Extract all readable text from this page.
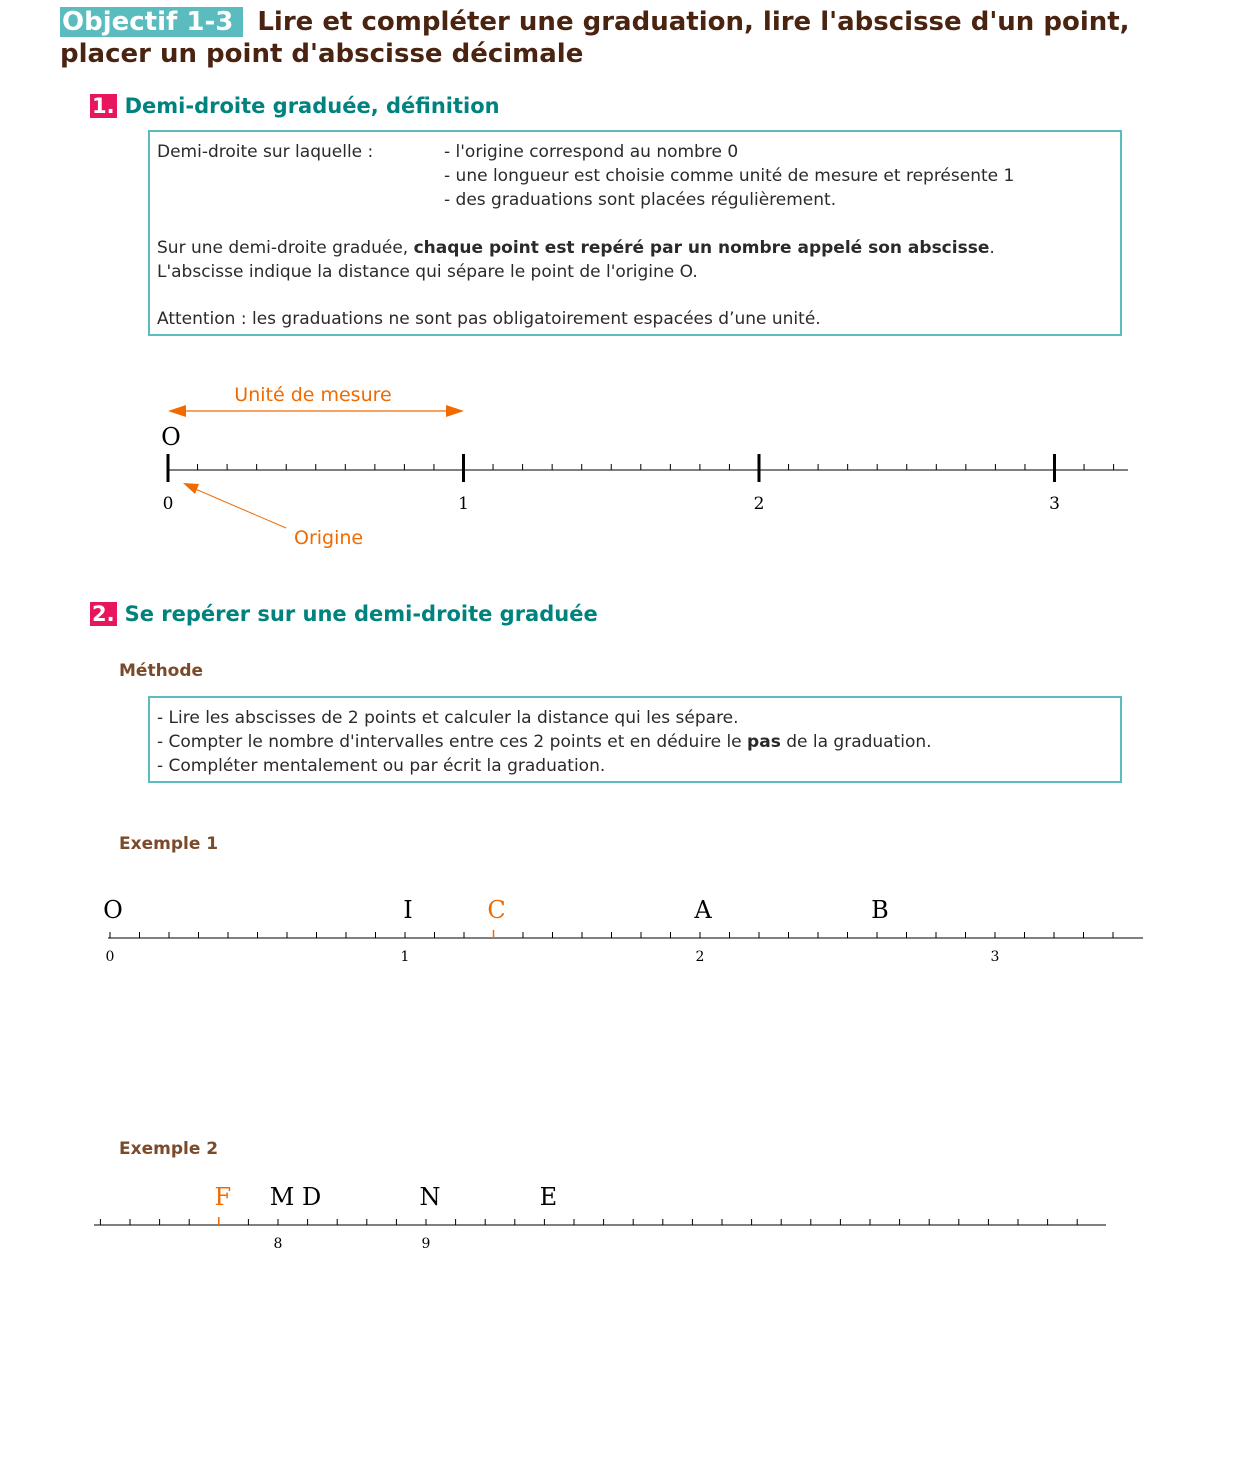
Objectif 1-3 Lire et compléter une graduation, lire l'abscisse d'un point, placer un point d'abscisse décimale
1. Demi-droite graduée, définition
Demi-droite sur laquelle :	- l'origine correspond au nombre 0
- une longueur est choisie comme unité de mesure et représente 1
- des graduations sont placées régulièrement.
Sur une demi-droite graduée, chaque point est repéré par un nombre appelé son abscisse.
L'abscisse indique la distance qui sépare le point de l'origine O.
Attention : les graduations ne sont pas obligatoirement espacées d’une unité.
Unité de mesure
O
0	1	2	3
Origine
2. Se repérer sur une demi-droite graduée
Méthode
- Lire les abscisses de 2 points et calculer la distance qui les sépare.
- Compter le nombre d'intervalles entre ces 2 points et en déduire le pas de la graduation.
- Compléter mentalement ou par écrit la graduation.
Exemple 1
0	1	2	3
O	I	C	A	B
Exemple 2
8	9
F M D	N	E
